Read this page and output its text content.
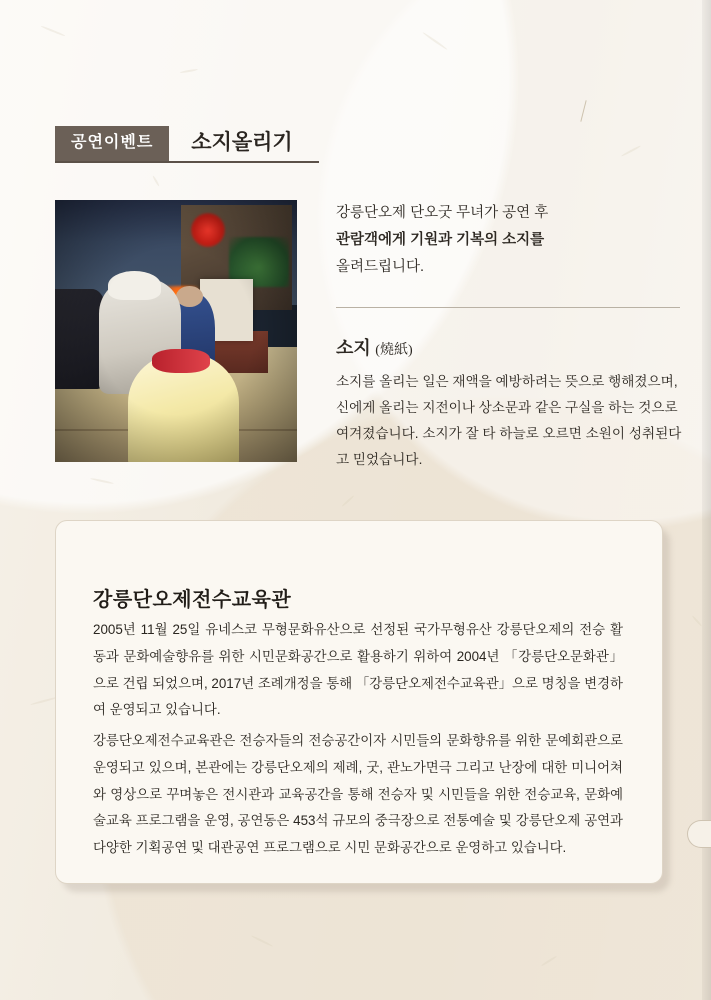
공연이벤트	소지올리기
강릉단오제 단오굿 무녀가 공연 후
관람객에게 기원과 기복의 소지를
올려드립니다.
소지 (燒紙)
소지를 올리는 일은 재액을 예방하려는 뜻으로 행해졌으며, 신에게 올리는 지전이나 상소문과 같은 구실을 하는 것으로 여겨졌습니다. 소지가 잘 타 하늘로 오르면 소원이 성취된다고 믿었습니다.
강릉단오제전수교육관
2005년 11월 25일 유네스코 무형문화유산으로 선정된 국가무형유산 강릉단오제의 전승 활동과 문화예술향유를 위한 시민문화공간으로 활용하기 위하여 2004년 「강릉단오문화관」 으로 건립 되었으며, 2017년 조례개정을 통해 「강릉단오제전수교육관」으로 명칭을 변경하여 운영되고 있습니다.
강릉단오제전수교육관은 전승자들의 전승공간이자 시민들의 문화향유를 위한 문예회관으로 운영되고 있으며, 본관에는 강릉단오제의 제례, 굿, 관노가면극 그리고 난장에 대한 미니어쳐와 영상으로 꾸며놓은 전시관과 교육공간을 통해 전승자 및 시민들을 위한 전승교육, 문화예술교육 프로그램을 운영, 공연동은 453석 규모의 중극장으로 전통예술 및 강릉단오제 공연과 다양한 기획공연 및 대관공연 프로그램으로 시민 문화공간으로 운영하고 있습니다.
